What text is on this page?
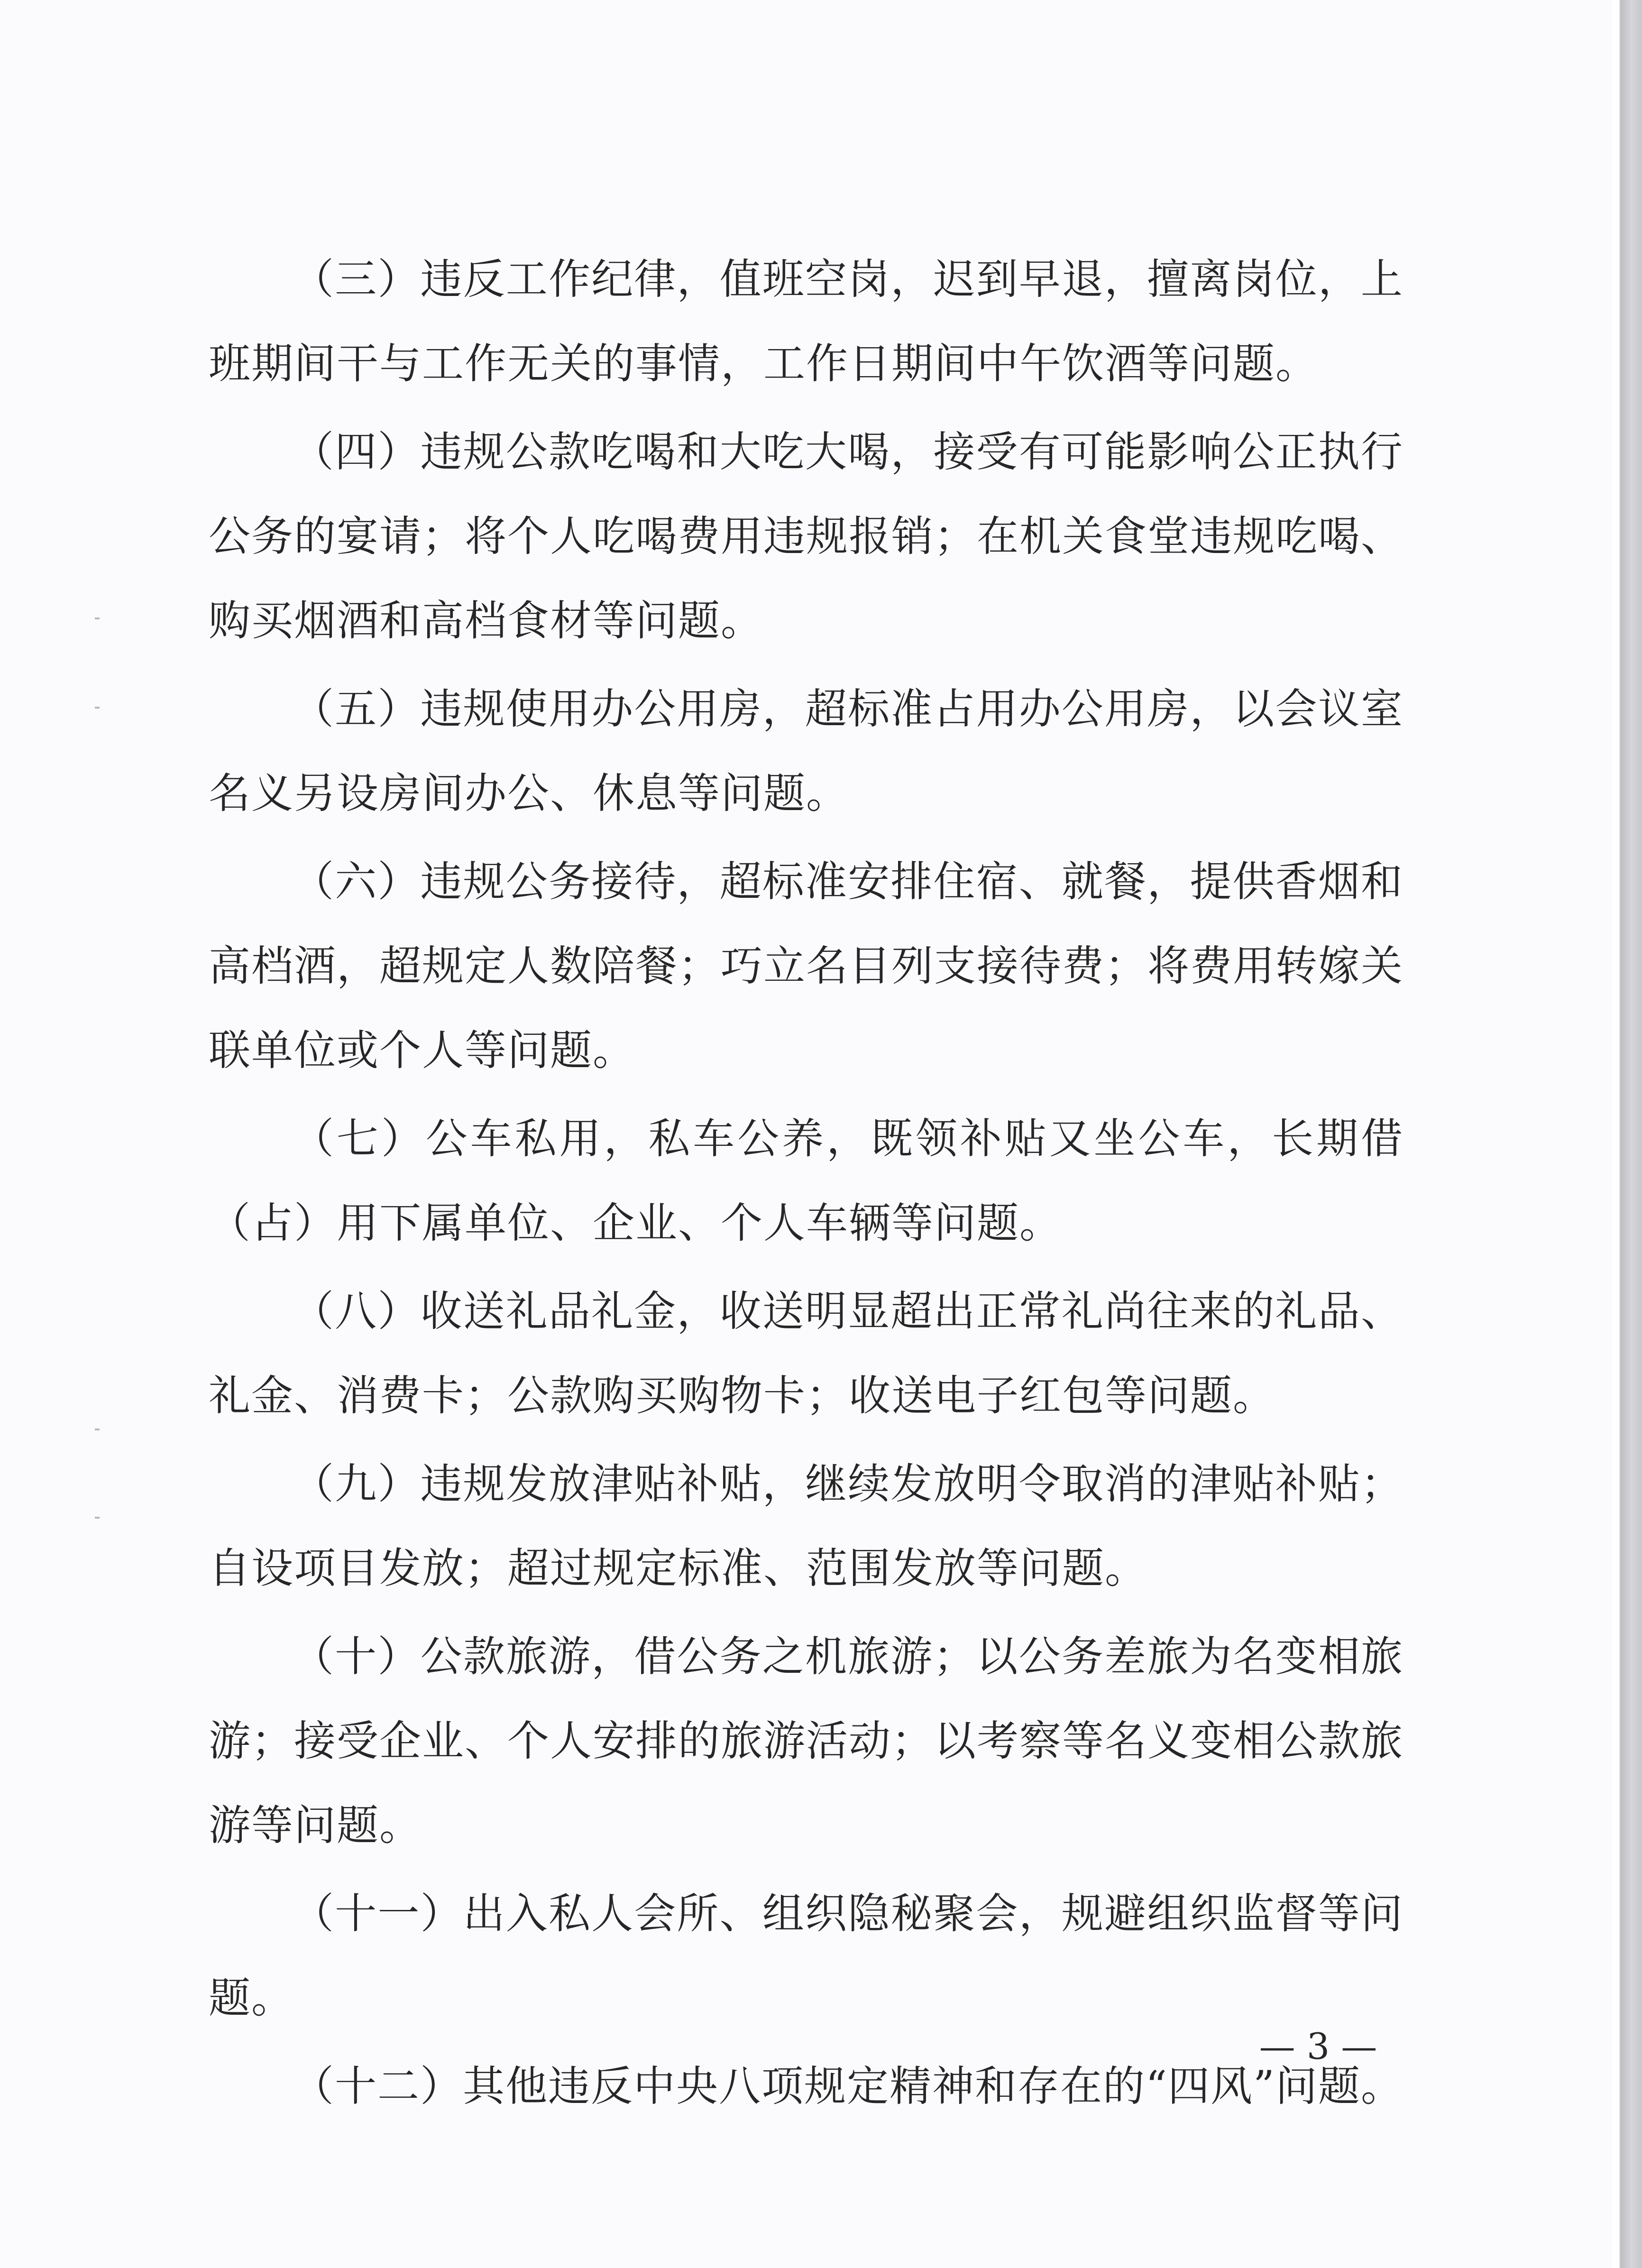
（三）违反工作纪律，值班空岗，迟到早退，擅离岗位，上班期间干与工作无关的事情，工作日期间中午饮酒等问题。

（四）违规公款吃喝和大吃大喝，接受有可能影响公正执行公务的宴请；将个人吃喝费用违规报销；在机关食堂违规吃喝、购买烟酒和高档食材等问题。

（五）违规使用办公用房，超标准占用办公用房，以会议室名义另设房间办公、休息等问题。

（六）违规公务接待，超标准安排住宿、就餐，提供香烟和高档酒，超规定人数陪餐；巧立名目列支接待费；将费用转嫁关联单位或个人等问题。

（七）公车私用，私车公养，既领补贴又坐公车，长期借（占）用下属单位、企业、个人车辆等问题。

（八）收送礼品礼金，收送明显超出正常礼尚往来的礼品、礼金、消费卡；公款购买购物卡；收送电子红包等问题。

（九）违规发放津贴补贴，继续发放明令取消的津贴补贴；自设项目发放；超过规定标准、范围发放等问题。

（十）公款旅游，借公务之机旅游；以公务差旅为名变相旅游；接受企业、个人安排的旅游活动；以考察等名义变相公款旅游等问题。

（十一）出入私人会所、组织隐秘聚会，规避组织监督等问题。

（十二）其他违反中央八项规定精神和存在的“四风”问题。

— 3 —
